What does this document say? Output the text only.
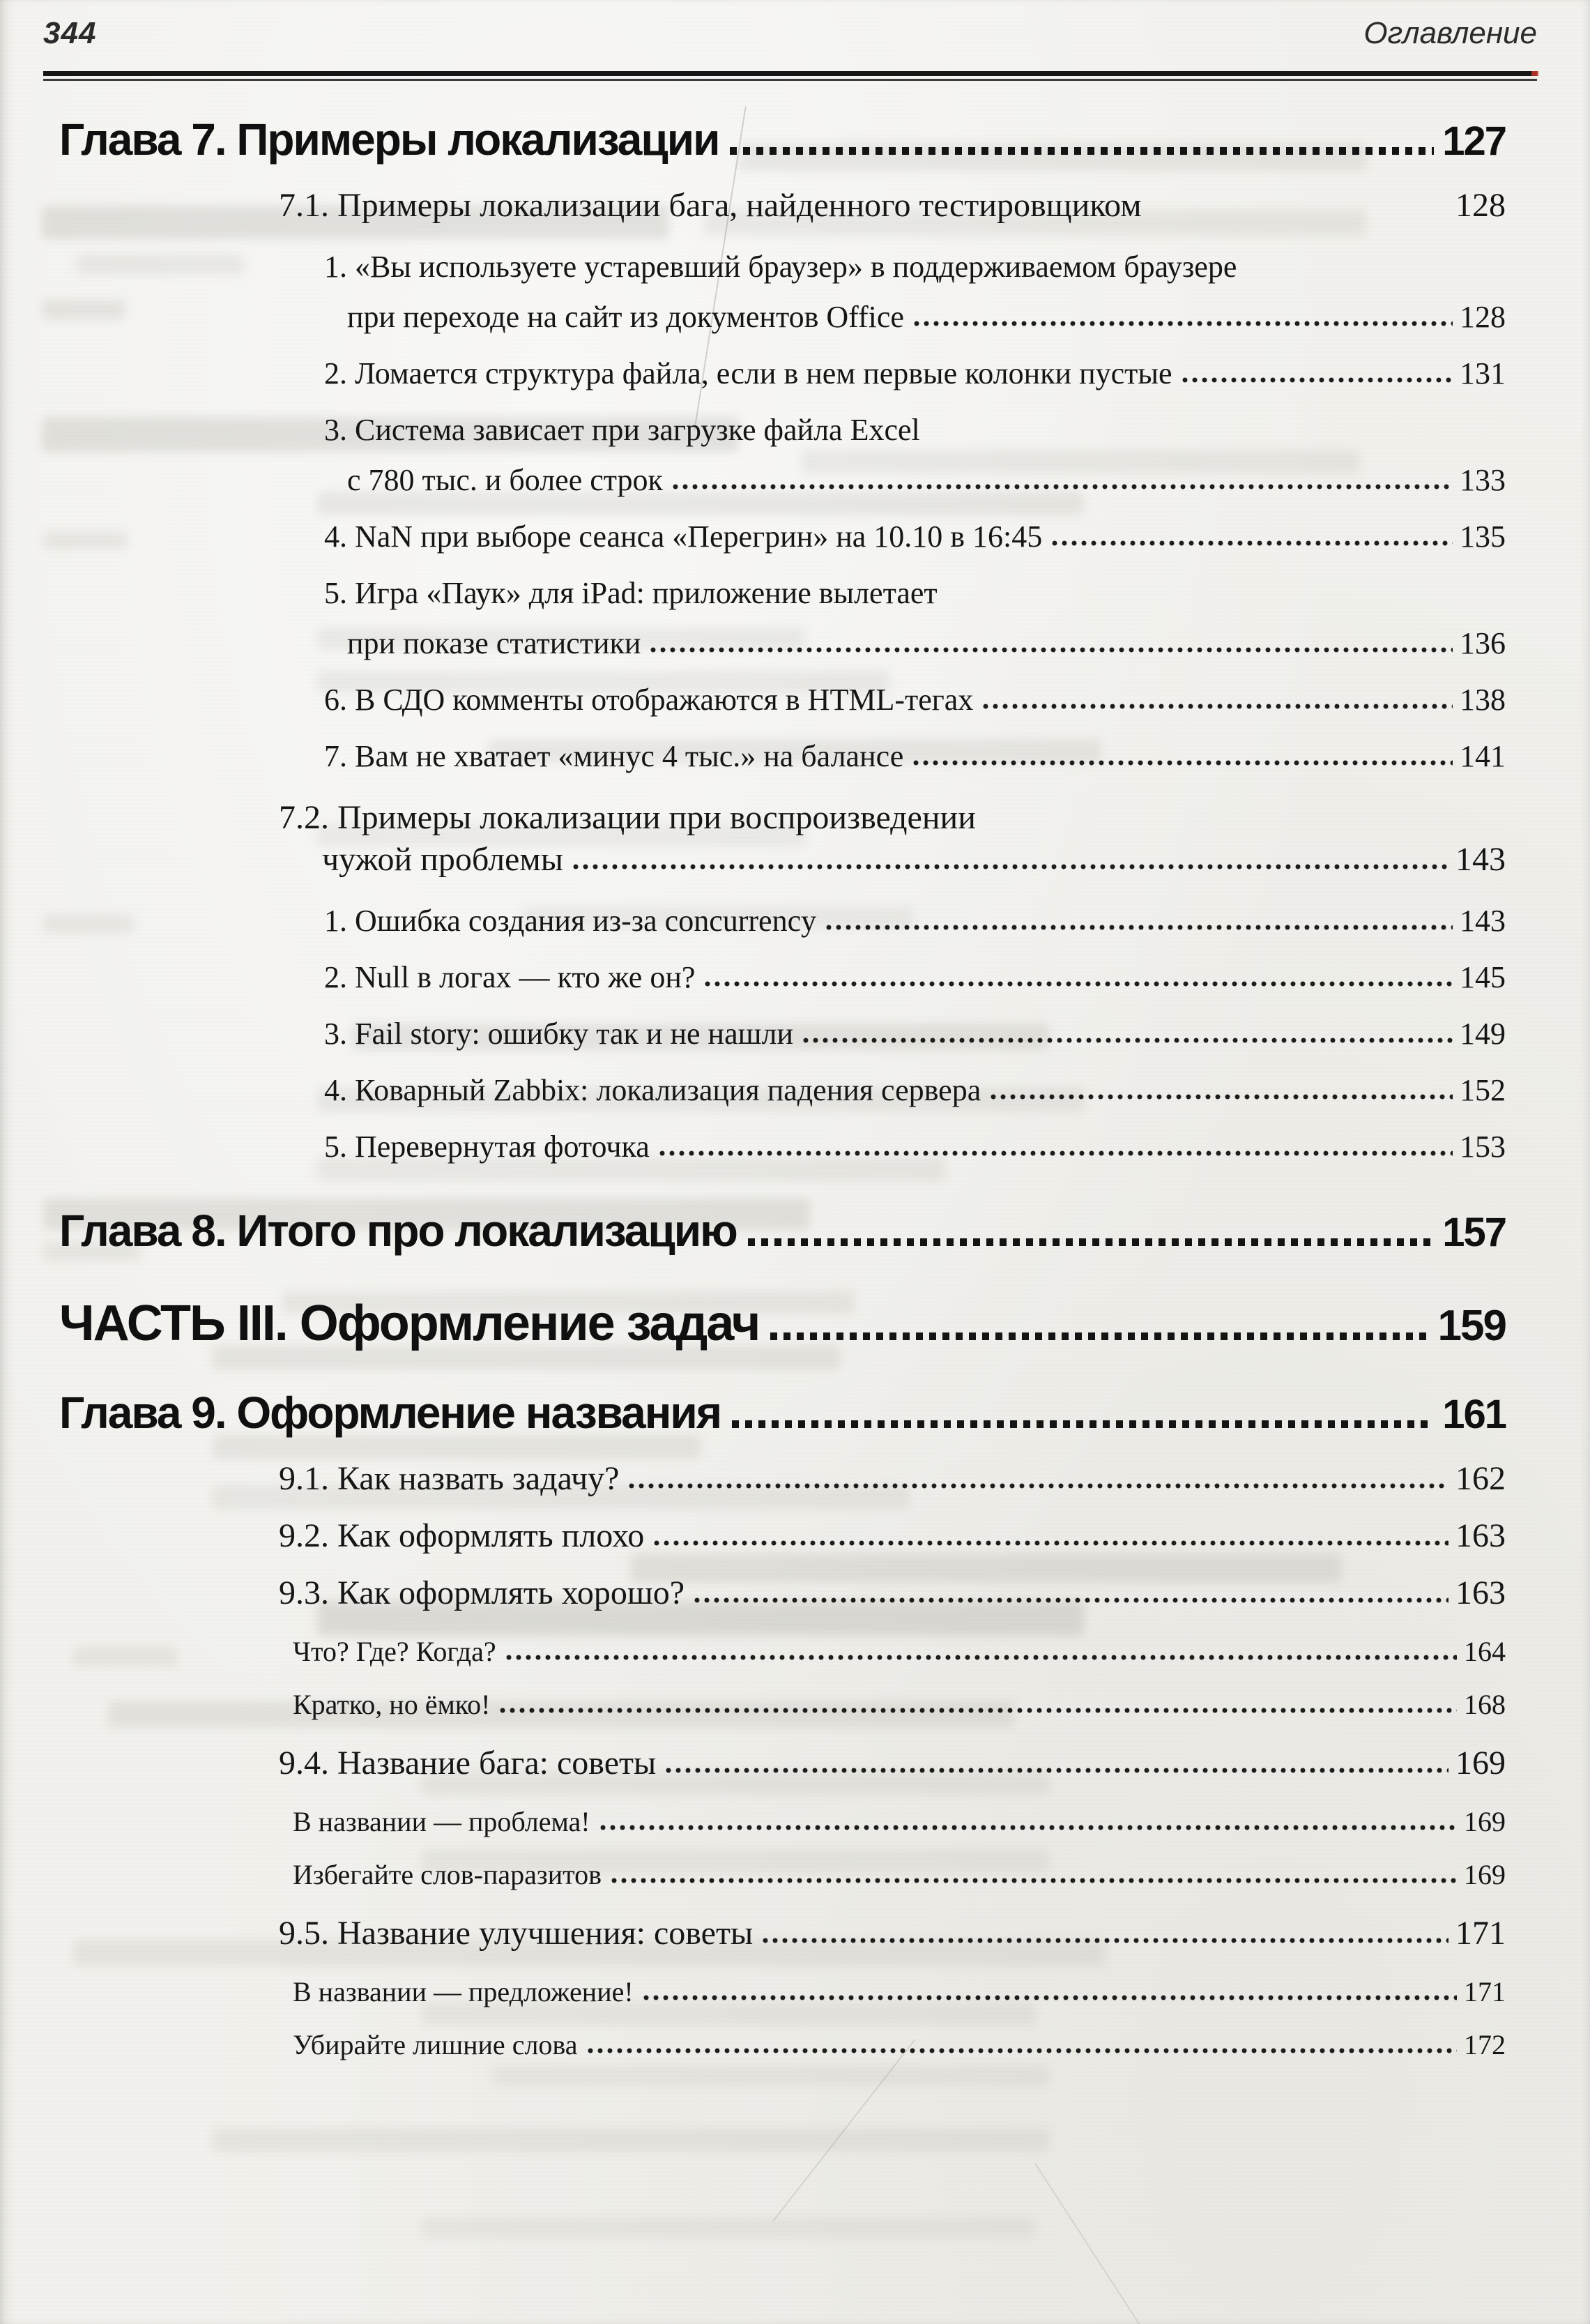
344	Оглавление
Глава 7. Примеры локализации	127
7.1. Примеры локализации бага, найденного тестировщиком	128
1. «Вы используете устаревший браузер» в поддерживаемом браузере
при переходе на сайт из документов Office	128
2. Ломается структура файла, если в нем первые колонки пустые	131
3. Система зависает при загрузке файла Excel
с 780 тыс. и более строк	133
4. NaN при выборе сеанса «Перегрин» на 10.10 в 16:45	135
5. Игра «Паук» для iPad: приложение вылетает
при показе статистики	136
6. В СДО комменты отображаются в HTML-тегах	138
7. Вам не хватает «минус 4 тыс.» на балансе	141
7.2. Примеры локализации при воспроизведении
чужой проблемы	143
1. Ошибка создания из-за concurrency	143
2. Null в логах — кто же он?	145
3. Fail story: ошибку так и не нашли	149
4. Коварный Zabbix: локализация падения сервера	152
5. Перевернутая фоточка	153
Глава 8. Итого про локализацию	157
ЧАСТЬ III. Оформление задач	159
Глава 9. Оформление названия	161
9.1. Как назвать задачу?	162
9.2. Как оформлять плохо	163
9.3. Как оформлять хорошо?	163
Что? Где? Когда?	164
Кратко, но ёмко!	168
9.4. Название бага: советы	169
В названии — проблема!	169
Избегайте слов-паразитов	169
9.5. Название улучшения: советы	171
В названии — предложение!	171
Убирайте лишние слова	172
